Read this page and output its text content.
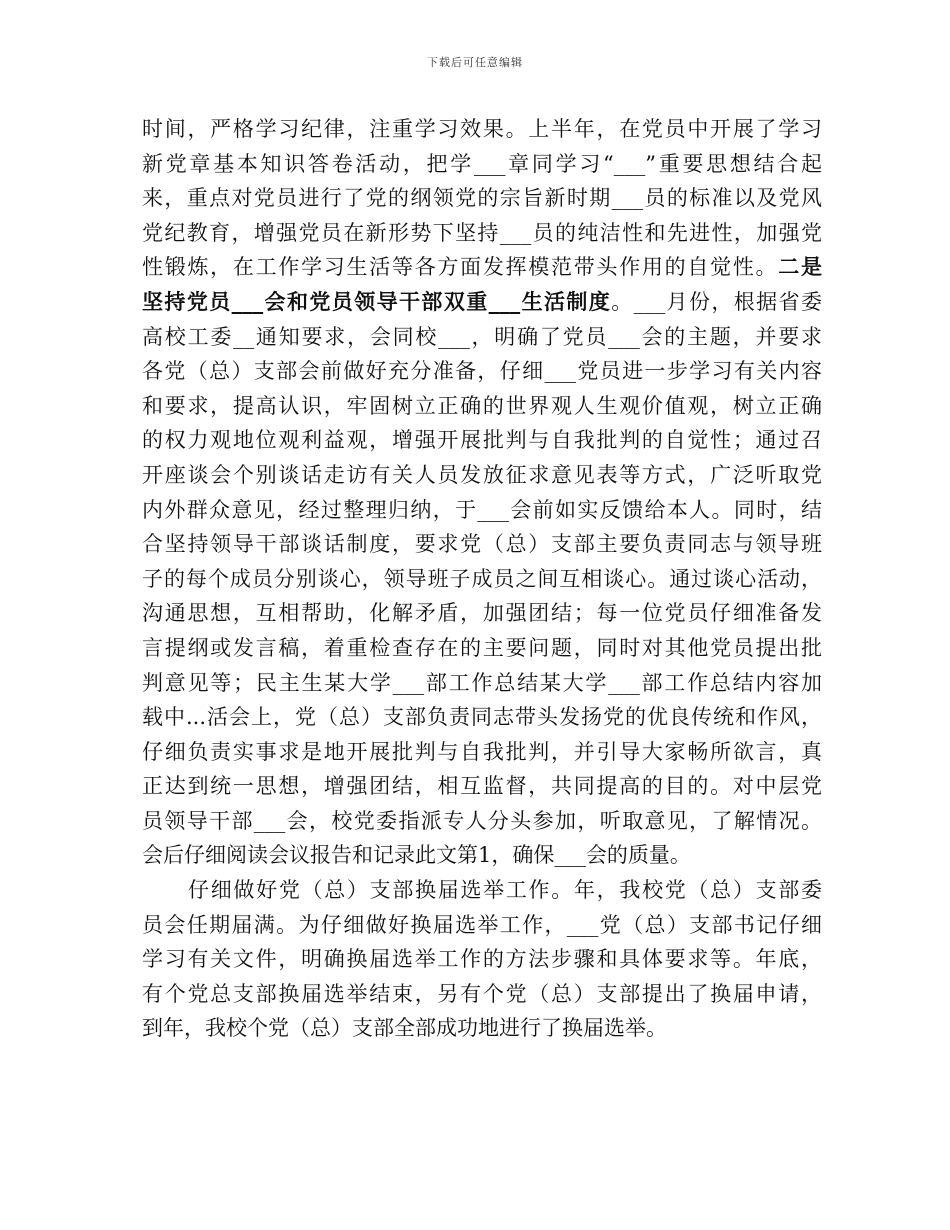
下载后可任意编辑
时间，严格学习纪律，注重学习效果。上半年，在党员中开展了学习
新党章基本知识答卷活动，把学___章同学习“___”重要思想结合起
来，重点对党员进行了党的纲领党的宗旨新时期___员的标准以及党风
党纪教育，增强党员在新形势下坚持___员的纯洁性和先进性，加强党
性锻炼，在工作学习生活等各方面发挥模范带头作用的自觉性。二是
坚持党员___会和党员领导干部双重___生活制度。___月份，根据省委
高校工委__通知要求，会同校___，明确了党员___会的主题，并要求
各党（总）支部会前做好充分准备，仔细___党员进一步学习有关内容
和要求，提高认识，牢固树立正确的世界观人生观价值观，树立正确
的权力观地位观利益观，增强开展批判与自我批判的自觉性；通过召
开座谈会个别谈话走访有关人员发放征求意见表等方式，广泛听取党
内外群众意见，经过整理归纳，于___会前如实反馈给本人。同时，结
合坚持领导干部谈话制度，要求党（总）支部主要负责同志与领导班
子的每个成员分别谈心，领导班子成员之间互相谈心。通过谈心活动，
沟通思想，互相帮助，化解矛盾，加强团结；每一位党员仔细准备发
言提纲或发言稿，着重检查存在的主要问题，同时对其他党员提出批
判意见等；民主生某大学___部工作总结某大学___部工作总结内容加
载中...活会上，党（总）支部负责同志带头发扬党的优良传统和作风，
仔细负责实事求是地开展批判与自我批判，并引导大家畅所欲言，真
正达到统一思想，增强团结，相互监督，共同提高的目的。对中层党
员领导干部___会，校党委指派专人分头参加，听取意见，了解情况。
会后仔细阅读会议报告和记录此文第1，确保___会的质量。
仔细做好党（总）支部换届选举工作。年，我校党（总）支部委
员会任期届满。为仔细做好换届选举工作，___党（总）支部书记仔细
学习有关文件，明确换届选举工作的方法步骤和具体要求等。年底，
有个党总支部换届选举结束，另有个党（总）支部提出了换届申请，
到年，我校个党（总）支部全部成功地进行了换届选举。
